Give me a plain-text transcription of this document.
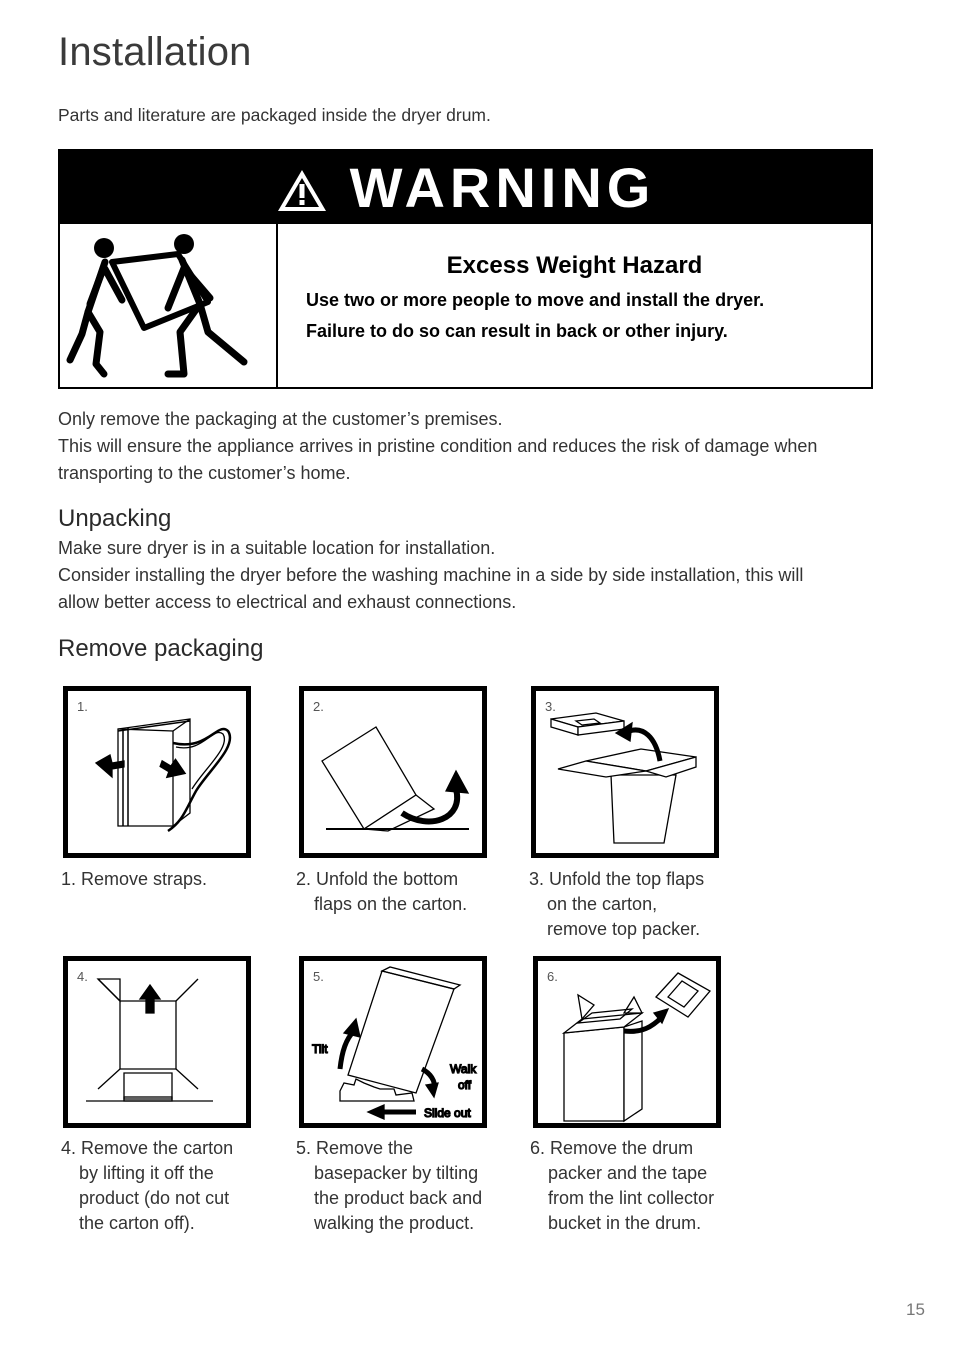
Installation

Parts and literature are packaged inside the dryer drum.

WARNING
Excess Weight Hazard
Use two or more people to move and install the dryer.
Failure to do so can result in back or other injury.

Only remove the packaging at the customer’s premises.

This will ensure the appliance arrives in pristine condition and reduces the risk of damage when

transporting to the customer’s home.

Unpacking

Make sure dryer is in a suitable location for installation.

Consider installing the dryer before the washing machine in a side by side installation, this will

allow better access to electrical and exhaust connections.

Remove packaging
1.
1. Remove straps.
2.
2. Unfold the bottom
flaps on the carton.
3.
3. Unfold the top flaps
on the carton,
remove top packer.
4.
4. Remove the carton
by lifting it off the
product (do not cut
the carton off).
5.
Tilt
Walk
off
Slide out
5. Remove the
basepacker by tilting
the product back and
walking the product.
6.
6. Remove the drum
packer and the tape
from the lint collector
bucket in the drum.
15
